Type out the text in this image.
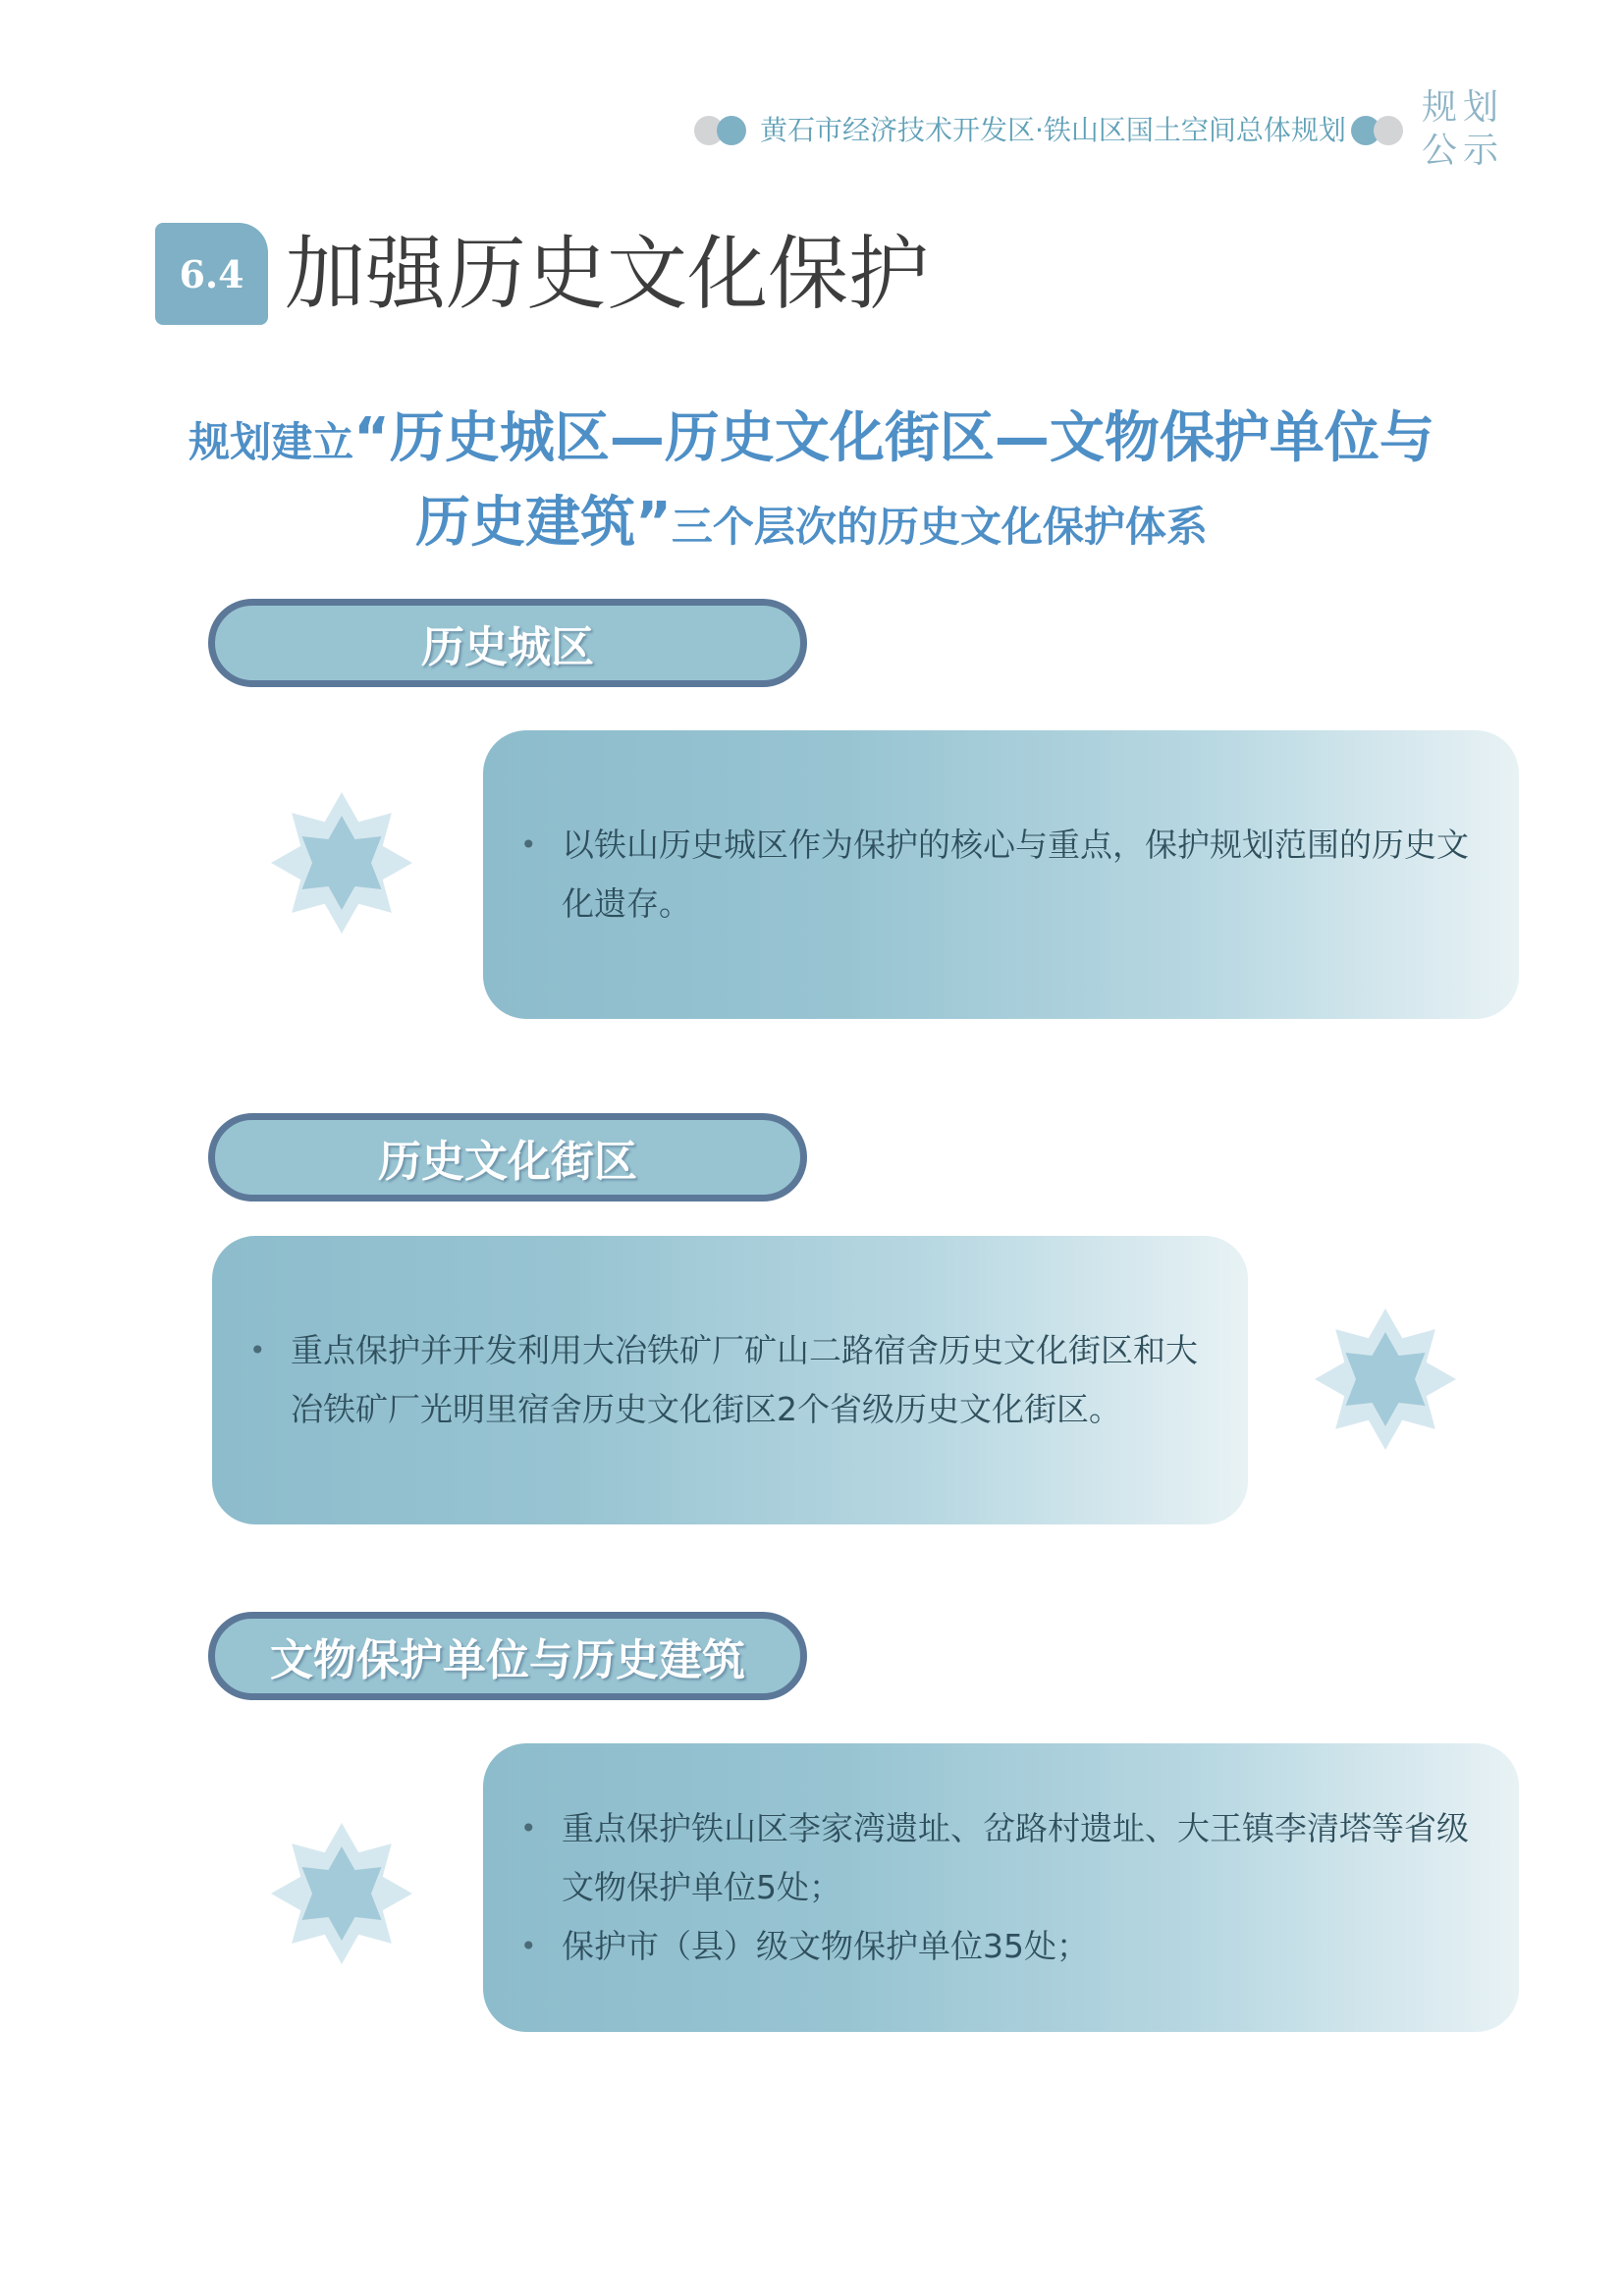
黄石市经济技术开发区·铁山区国土空间总体规划
规划
公示
6.4 加强历史文化保护
规划建立“历史城区—历史文化街区—文物保护单位与
历史建筑”三个层次的历史文化保护体系
历史城区
• 以铁山历史城区作为保护的核心与重点，保护规划范围的历史文化遗存。
历史文化街区
• 重点保护并开发利用大冶铁矿厂矿山二路宿舍历史文化街区和大冶铁矿厂光明里宿舍历史文化街区2个省级历史文化街区。
文物保护单位与历史建筑
• 重点保护铁山区李家湾遗址、岔路村遗址、大王镇李清塔等省级文物保护单位5处；
• 保护市（县）级文物保护单位35处；
